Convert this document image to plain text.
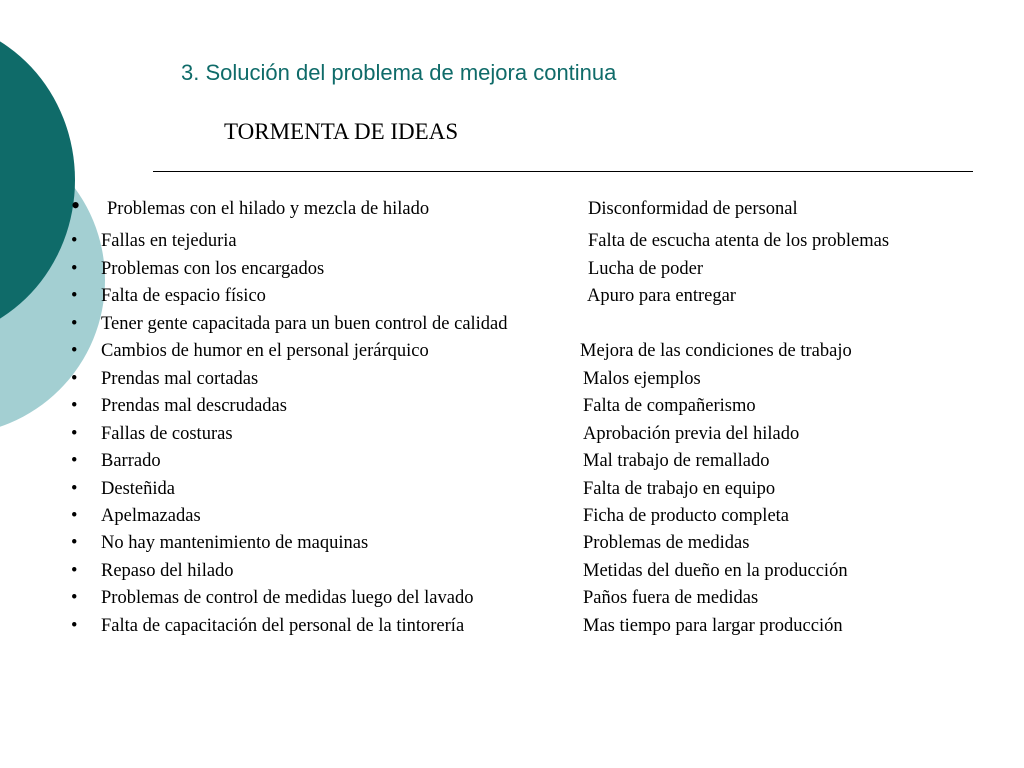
3. Solución del problema de mejora continua
TORMENTA DE IDEAS
• Problemas con el hilado y mezcla de hilado	Disconformidad de personal
• Fallas en tejeduria	Falta de escucha atenta de los problemas
• Problemas con los encargados	Lucha de poder
• Falta de espacio físico	Apuro para entregar
• Tener gente capacitada para un buen control de calidad
• Cambios de humor en el personal jerárquico	Mejora de las condiciones de trabajo
• Prendas mal cortadas	Malos ejemplos
• Prendas mal descrudadas	Falta de compañerismo
• Fallas de costuras	Aprobación previa del hilado
• Barrado	Mal trabajo de remallado
• Desteñida	Falta de trabajo en equipo
• Apelmazadas	Ficha de producto completa
• No hay mantenimiento de maquinas	Problemas de medidas
• Repaso del hilado	Metidas del dueño en la producción
• Problemas de control de medidas luego del lavado	Paños fuera de medidas
• Falta de capacitación del personal de la tintorería	Mas tiempo para largar producción
